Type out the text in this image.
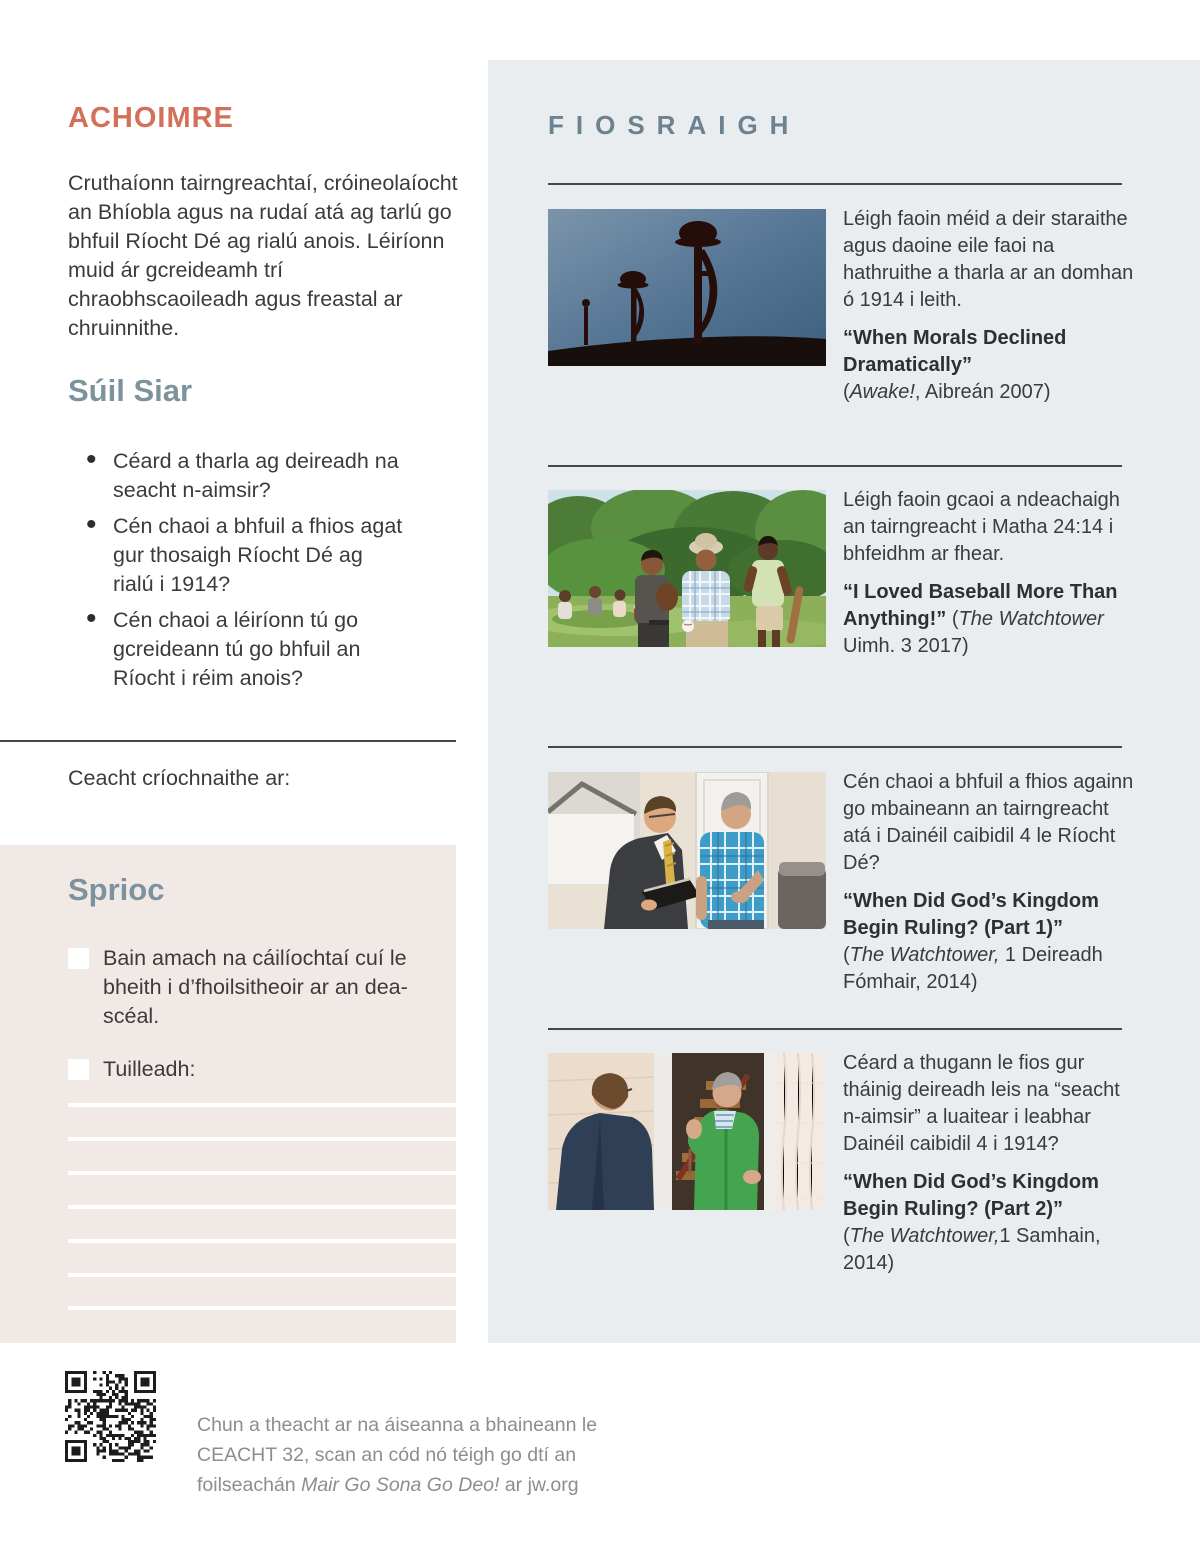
ACHOIMRE
Cruthaíonn tairngreachtaí, cróineolaíocht an Bhíobla agus na rudaí atá ag tarlú go bhfuil Ríocht Dé ag rialú anois. Léiríonn muid ár gcreideamh trí chraobhscaoileadh agus freastal ar chruinnithe.
Súil Siar
• Céard a tharla ag deireadh na seacht n-aimsir?
• Cén chaoi a bhfuil a fhios agat gur thosaigh Ríocht Dé ag rialú i 1914?
• Cén chaoi a léiríonn tú go gcreideann tú go bhfuil an Ríocht i réim anois?
Ceacht críochnaithe ar:
Sprioc
Bain amach na cáilíochtaí cuí le bheith i d’fhoilsitheoir ar an dea-scéal.
Tuilleadh:
FIOSRAIGH

Léigh faoin méid a deir staraithe agus daoine eile faoi na hathruithe a tharla ar an domhan ó 1914 i leith.

“When Morals Declined Dramatically”
(Awake!, Aibreán 2007)

Léigh faoin gcaoi a ndeachaigh an tairngreacht i Matha 24:14 i bhfeidhm ar fhear.

“I Loved Baseball More Than Anything!” (The Watchtower Uimh. 3 2017)

Cén chaoi a bhfuil a fhios againn go mbaineann an tairngreacht atá i Dainéil caibidil 4 le Ríocht Dé?

“When Did God’s Kingdom Begin Ruling? (Part 1)”
(The Watchtower, 1 Deireadh Fómhair, 2014)

Céard a thugann le fios gur tháinig deireadh leis na “seacht n-aimsir” a luaitear i leabhar Dainéil caibidil 4 i 1914?

“When Did God’s Kingdom Begin Ruling? (Part 2)”
(The Watchtower,1 Samhain, 2014)

Chun a theacht ar na áiseanna a bhaineann le CEACHT 32, scan an cód nó téigh go dtí an foilseachán Mair Go Sona Go Deo! ar jw.org
